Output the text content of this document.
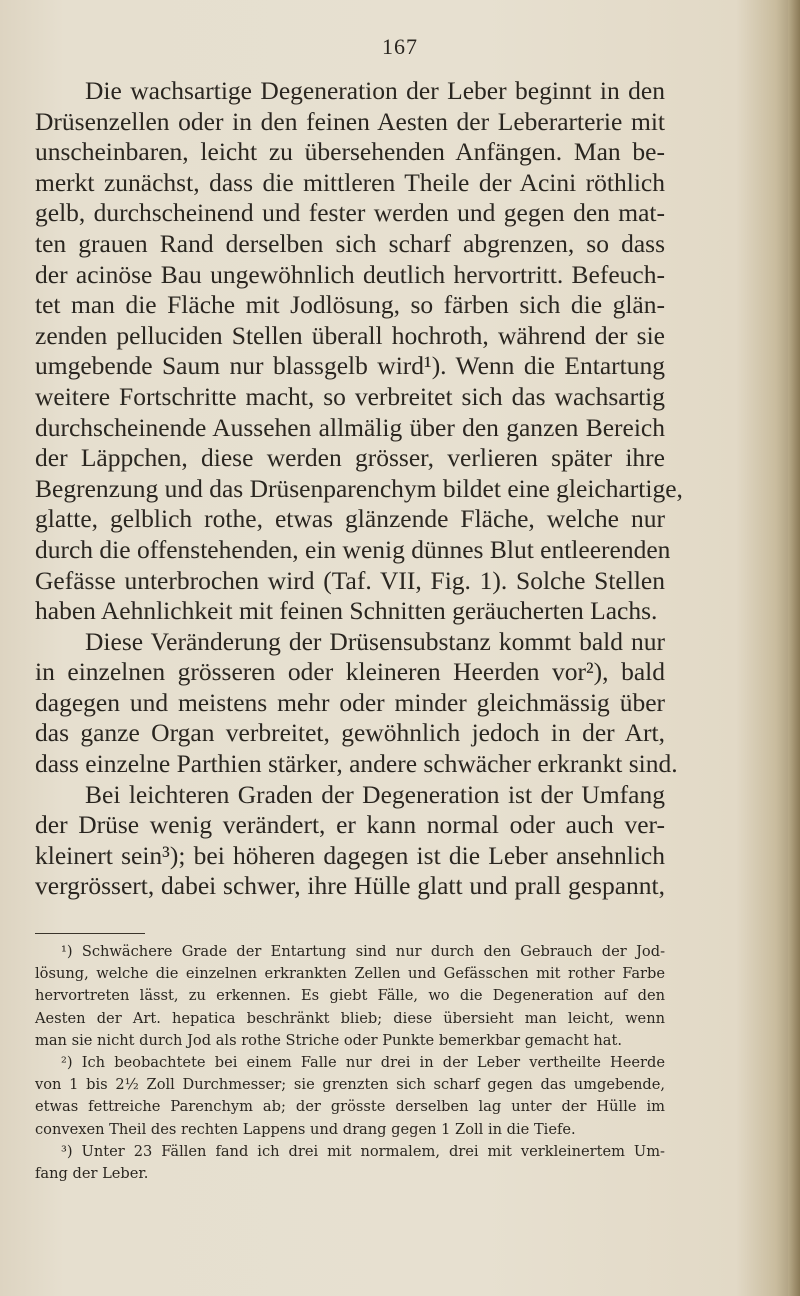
167
Die wachsartige Degeneration der Leber beginnt in den
Drüsenzellen oder in den feinen Aesten der Leberarterie mit
unscheinbaren, leicht zu übersehenden Anfängen. Man be-
merkt zunächst, dass die mittleren Theile der Acini röthlich
gelb, durchscheinend und fester werden und gegen den mat-
ten grauen Rand derselben sich scharf abgrenzen, so dass
der acinöse Bau ungewöhnlich deutlich hervortritt. Befeuch-
tet man die Fläche mit Jodlösung, so färben sich die glän-
zenden pelluciden Stellen überall hochroth, während der sie
umgebende Saum nur blassgelb wird¹). Wenn die Entartung
weitere Fortschritte macht, so verbreitet sich das wachsartig
durchscheinende Aussehen allmälig über den ganzen Bereich
der Läppchen, diese werden grösser, verlieren später ihre
Begrenzung und das Drüsenparenchym bildet eine gleichartige,
glatte, gelblich rothe, etwas glänzende Fläche, welche nur
durch die offenstehenden, ein wenig dünnes Blut entleerenden
Gefässe unterbrochen wird (Taf. VII, Fig. 1). Solche Stellen
haben Aehnlichkeit mit feinen Schnitten geräucherten Lachs.
Diese Veränderung der Drüsensubstanz kommt bald nur
in einzelnen grösseren oder kleineren Heerden vor²), bald
dagegen und meistens mehr oder minder gleichmässig über
das ganze Organ verbreitet, gewöhnlich jedoch in der Art,
dass einzelne Parthien stärker, andere schwächer erkrankt sind.
Bei leichteren Graden der Degeneration ist der Umfang
der Drüse wenig verändert, er kann normal oder auch ver-
kleinert sein³); bei höheren dagegen ist die Leber ansehnlich
vergrössert, dabei schwer, ihre Hülle glatt und prall gespannt,
¹) Schwächere Grade der Entartung sind nur durch den Gebrauch der Jod-
lösung, welche die einzelnen erkrankten Zellen und Gefässchen mit rother Farbe
hervortreten lässt, zu erkennen. Es giebt Fälle, wo die Degeneration auf den
Aesten der Art. hepatica beschränkt blieb; diese übersieht man leicht, wenn
man sie nicht durch Jod als rothe Striche oder Punkte bemerkbar gemacht hat.
²) Ich beobachtete bei einem Falle nur drei in der Leber vertheilte Heerde
von 1 bis 2½ Zoll Durchmesser; sie grenzten sich scharf gegen das umgebende,
etwas fettreiche Parenchym ab; der grösste derselben lag unter der Hülle im
convexen Theil des rechten Lappens und drang gegen 1 Zoll in die Tiefe.
³) Unter 23 Fällen fand ich drei mit normalem, drei mit verkleinertem Um-
fang der Leber.
